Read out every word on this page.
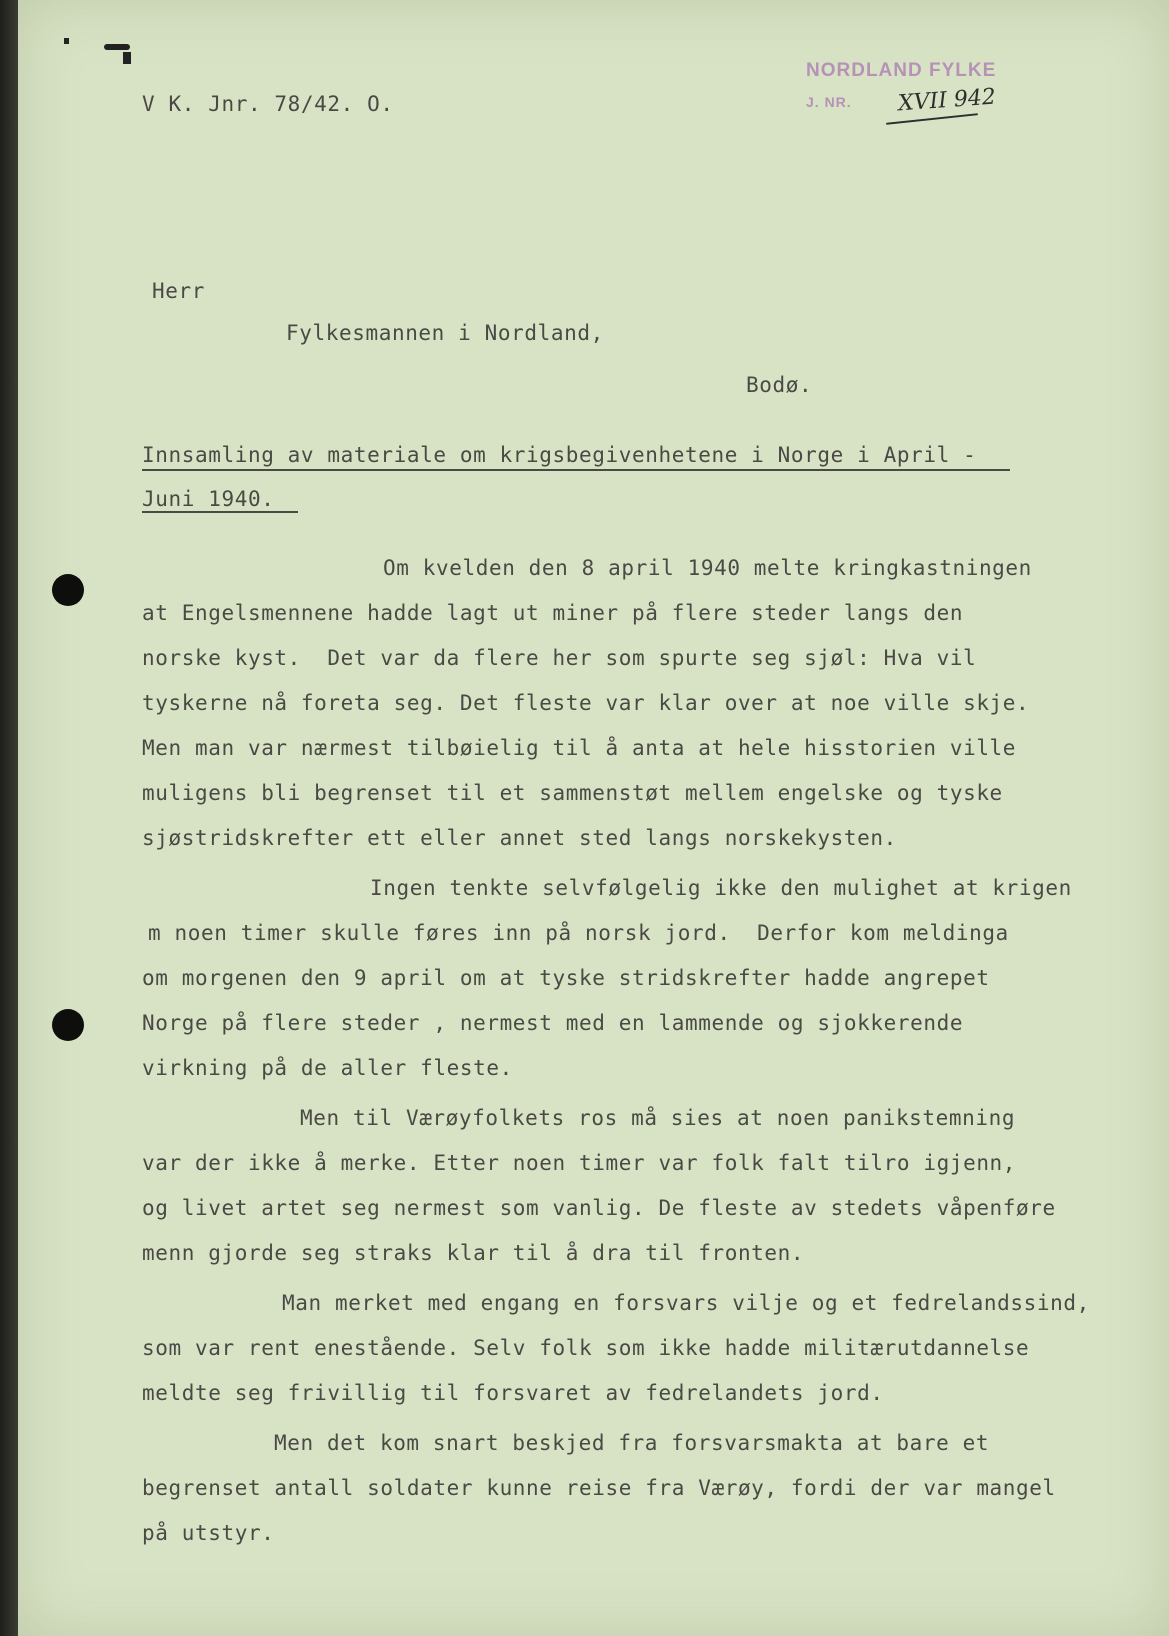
NORDLAND FYLKE
J. NR. XVII 942
V K. Jnr. 78/42. O.
Herr
Fylkesmannen i Nordland,
Bodø.
Innsamling av materiale om krigsbegivenhetene i Norge i April -
Juni 1940.
Om kvelden den 8 april 1940 melte kringkastningen
at Engelsmennene hadde lagt ut miner på flere steder langs den
norske kyst.  Det var da flere her som spurte seg sjøl: Hva vil
tyskerne nå foreta seg. Det fleste var klar over at noe ville skje.
Men man var nærmest tilbøielig til å anta at hele hisstorien ville
muligens bli begrenset til et sammenstøt mellem engelske og tyske
sjøstridskrefter ett eller annet sted langs norskekysten.
Ingen tenkte selvfølgelig ikke den mulighet at krigen
m noen timer skulle føres inn på norsk jord.  Derfor kom meldinga
om morgenen den 9 april om at tyske stridskrefter hadde angrepet
Norge på flere steder , nermest med en lammende og sjokkerende
virkning på de aller fleste.
Men til Værøyfolkets ros må sies at noen panikstemning
var der ikke å merke. Etter noen timer var folk falt tilro igjenn,
og livet artet seg nermest som vanlig. De fleste av stedets våpenføre
menn gjorde seg straks klar til å dra til fronten.
Man merket med engang en forsvars vilje og et fedrelandssind,
som var rent enestående. Selv folk som ikke hadde militærutdannelse
meldte seg frivillig til forsvaret av fedrelandets jord.
Men det kom snart beskjed fra forsvarsmakta at bare et
begrenset antall soldater kunne reise fra Værøy, fordi der var mangel
på utstyr.
